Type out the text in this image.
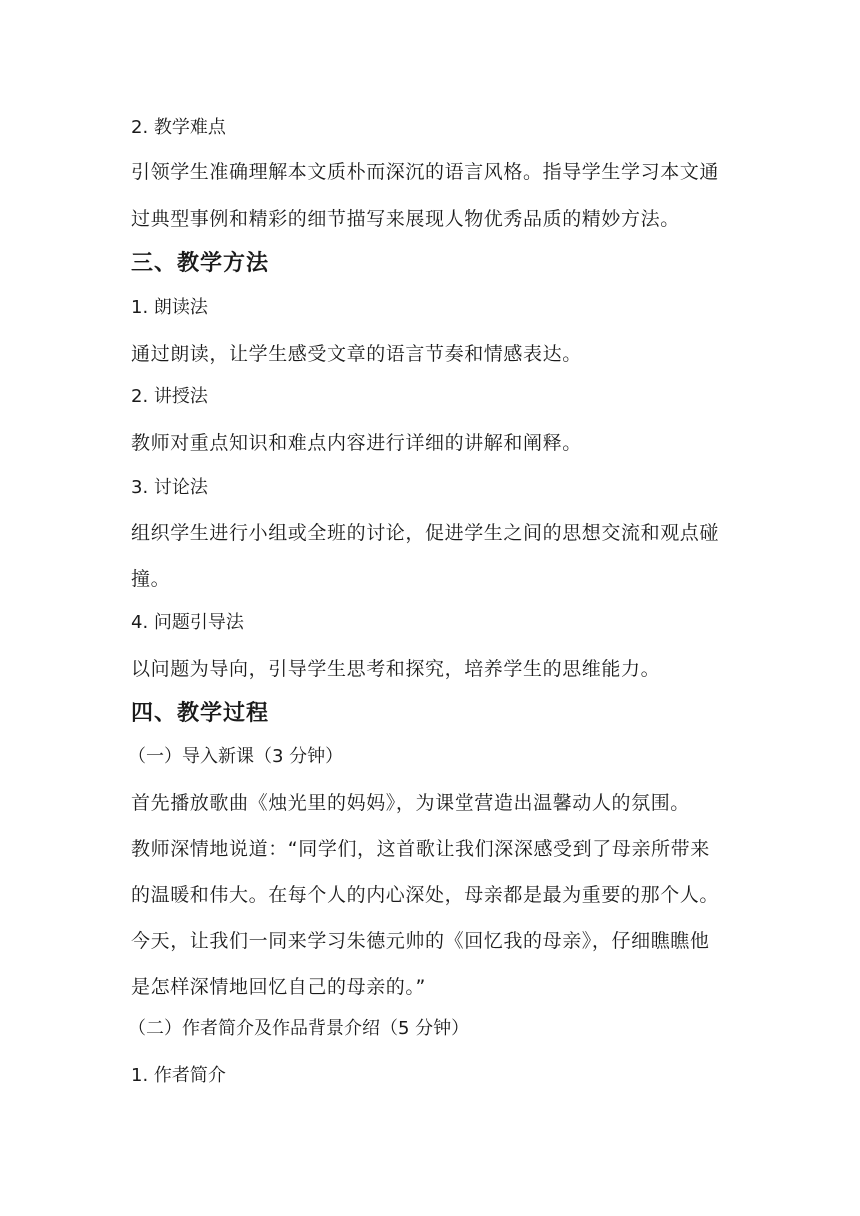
2. 教学难点
引领学生准确理解本文质朴而深沉的语言风格。指导学生学习本文通
过典型事例和精彩的细节描写来展现人物优秀品质的精妙方法。
三、教学方法
1. 朗读法
通过朗读，让学生感受文章的语言节奏和情感表达。
2. 讲授法
教师对重点知识和难点内容进行详细的讲解和阐释。
3. 讨论法
组织学生进行小组或全班的讨论，促进学生之间的思想交流和观点碰
撞。
4. 问题引导法
以问题为导向，引导学生思考和探究，培养学生的思维能力。
四、教学过程
（一）导入新课（3 分钟）
首先播放歌曲《烛光里的妈妈》，为课堂营造出温馨动人的氛围。
教师深情地说道：“同学们，这首歌让我们深深感受到了母亲所带来
的温暖和伟大。在每个人的内心深处，母亲都是最为重要的那个人。
今天，让我们一同来学习朱德元帅的《回忆我的母亲》，仔细瞧瞧他
是怎样深情地回忆自己的母亲的。”
（二）作者简介及作品背景介绍（5 分钟）
1. 作者简介
